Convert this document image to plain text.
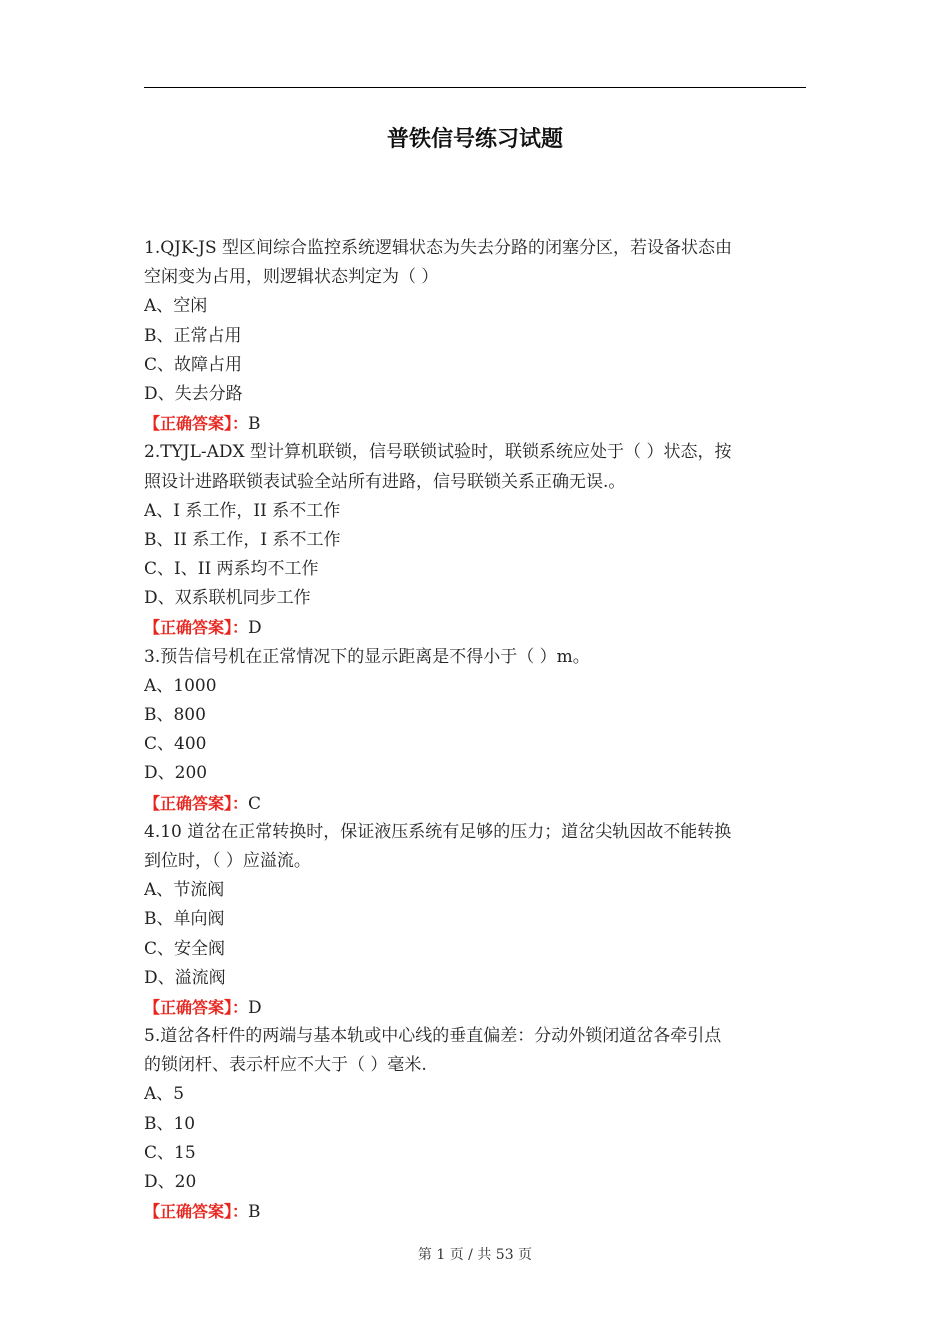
普铁信号练习试题
1.QJK-JS 型区间综合监控系统逻辑状态为失去分路的闭塞分区，若设备状态由
空闲变为占用，则逻辑状态判定为（ ）
A、空闲
B、正常占用
C、故障占用
D、失去分路
【正确答案】：B
2.TYJL-ADX 型计算机联锁，信号联锁试验时，联锁系统应处于（ ）状态，按
照设计进路联锁表试验全站所有进路，信号联锁关系正确无误.。
A、I 系工作，II 系不工作
B、II 系工作，I 系不工作
C、I、II 两系均不工作
D、双系联机同步工作
【正确答案】：D
3.预告信号机在正常情况下的显示距离是不得小于（ ）m。
A、1000
B、800
C、400
D、200
【正确答案】：C
4.10 道岔在正常转换时，保证液压系统有足够的压力；道岔尖轨因故不能转换
到位时，（ ）应溢流。
A、节流阀
B、单向阀
C、安全阀
D、溢流阀
【正确答案】：D
5.道岔各杆件的两端与基本轨或中心线的垂直偏差：分动外锁闭道岔各牵引点
的锁闭杆、表示杆应不大于（ ）毫米.
A、5
B、10
C、15
D、20
【正确答案】：B
第 1 页 / 共 53 页
